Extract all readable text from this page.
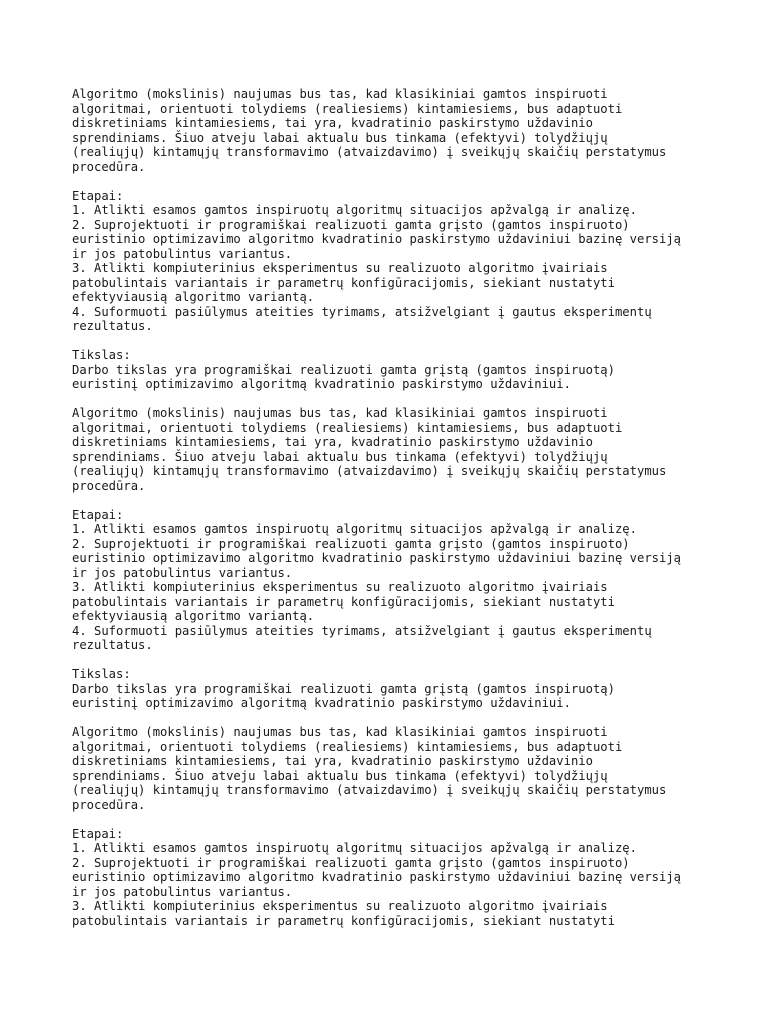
Algoritmo (mokslinis) naujumas bus tas, kad klasikiniai gamtos inspiruoti
algoritmai, orientuoti tolydiems (realiesiems) kintamiesiems, bus adaptuoti
diskretiniams kintamiesiems, tai yra, kvadratinio paskirstymo uždavinio
sprendiniams. Šiuo atveju labai aktualu bus tinkama (efektyvi) tolydžiųjų
(realiųjų) kintamųjų transformavimo (atvaizdavimo) į sveikųjų skaičių perstatymus
procedūra.
Etapai:
1. Atlikti esamos gamtos inspiruotų algoritmų situacijos apžvalgą ir analizę.
2. Suprojektuoti ir programiškai realizuoti gamta grįsto (gamtos inspiruoto)
euristinio optimizavimo algoritmo kvadratinio paskirstymo uždaviniui bazinę versiją
ir jos patobulintus variantus.
3. Atlikti kompiuterinius eksperimentus su realizuoto algoritmo įvairiais
patobulintais variantais ir parametrų konfigūracijomis, siekiant nustatyti
efektyviausią algoritmo variantą.
4. Suformuoti pasiūlymus ateities tyrimams, atsižvelgiant į gautus eksperimentų
rezultatus.
Tikslas:
Darbo tikslas yra programiškai realizuoti gamta grįstą (gamtos inspiruotą)
euristinį optimizavimo algoritmą kvadratinio paskirstymo uždaviniui.
Algoritmo (mokslinis) naujumas bus tas, kad klasikiniai gamtos inspiruoti
algoritmai, orientuoti tolydiems (realiesiems) kintamiesiems, bus adaptuoti
diskretiniams kintamiesiems, tai yra, kvadratinio paskirstymo uždavinio
sprendiniams. Šiuo atveju labai aktualu bus tinkama (efektyvi) tolydžiųjų
(realiųjų) kintamųjų transformavimo (atvaizdavimo) į sveikųjų skaičių perstatymus
procedūra.
Etapai:
1. Atlikti esamos gamtos inspiruotų algoritmų situacijos apžvalgą ir analizę.
2. Suprojektuoti ir programiškai realizuoti gamta grįsto (gamtos inspiruoto)
euristinio optimizavimo algoritmo kvadratinio paskirstymo uždaviniui bazinę versiją
ir jos patobulintus variantus.
3. Atlikti kompiuterinius eksperimentus su realizuoto algoritmo įvairiais
patobulintais variantais ir parametrų konfigūracijomis, siekiant nustatyti
efektyviausią algoritmo variantą.
4. Suformuoti pasiūlymus ateities tyrimams, atsižvelgiant į gautus eksperimentų
rezultatus.
Tikslas:
Darbo tikslas yra programiškai realizuoti gamta grįstą (gamtos inspiruotą)
euristinį optimizavimo algoritmą kvadratinio paskirstymo uždaviniui.
Algoritmo (mokslinis) naujumas bus tas, kad klasikiniai gamtos inspiruoti
algoritmai, orientuoti tolydiems (realiesiems) kintamiesiems, bus adaptuoti
diskretiniams kintamiesiems, tai yra, kvadratinio paskirstymo uždavinio
sprendiniams. Šiuo atveju labai aktualu bus tinkama (efektyvi) tolydžiųjų
(realiųjų) kintamųjų transformavimo (atvaizdavimo) į sveikųjų skaičių perstatymus
procedūra.
Etapai:
1. Atlikti esamos gamtos inspiruotų algoritmų situacijos apžvalgą ir analizę.
2. Suprojektuoti ir programiškai realizuoti gamta grįsto (gamtos inspiruoto)
euristinio optimizavimo algoritmo kvadratinio paskirstymo uždaviniui bazinę versiją
ir jos patobulintus variantus.
3. Atlikti kompiuterinius eksperimentus su realizuoto algoritmo įvairiais
patobulintais variantais ir parametrų konfigūracijomis, siekiant nustatyti
